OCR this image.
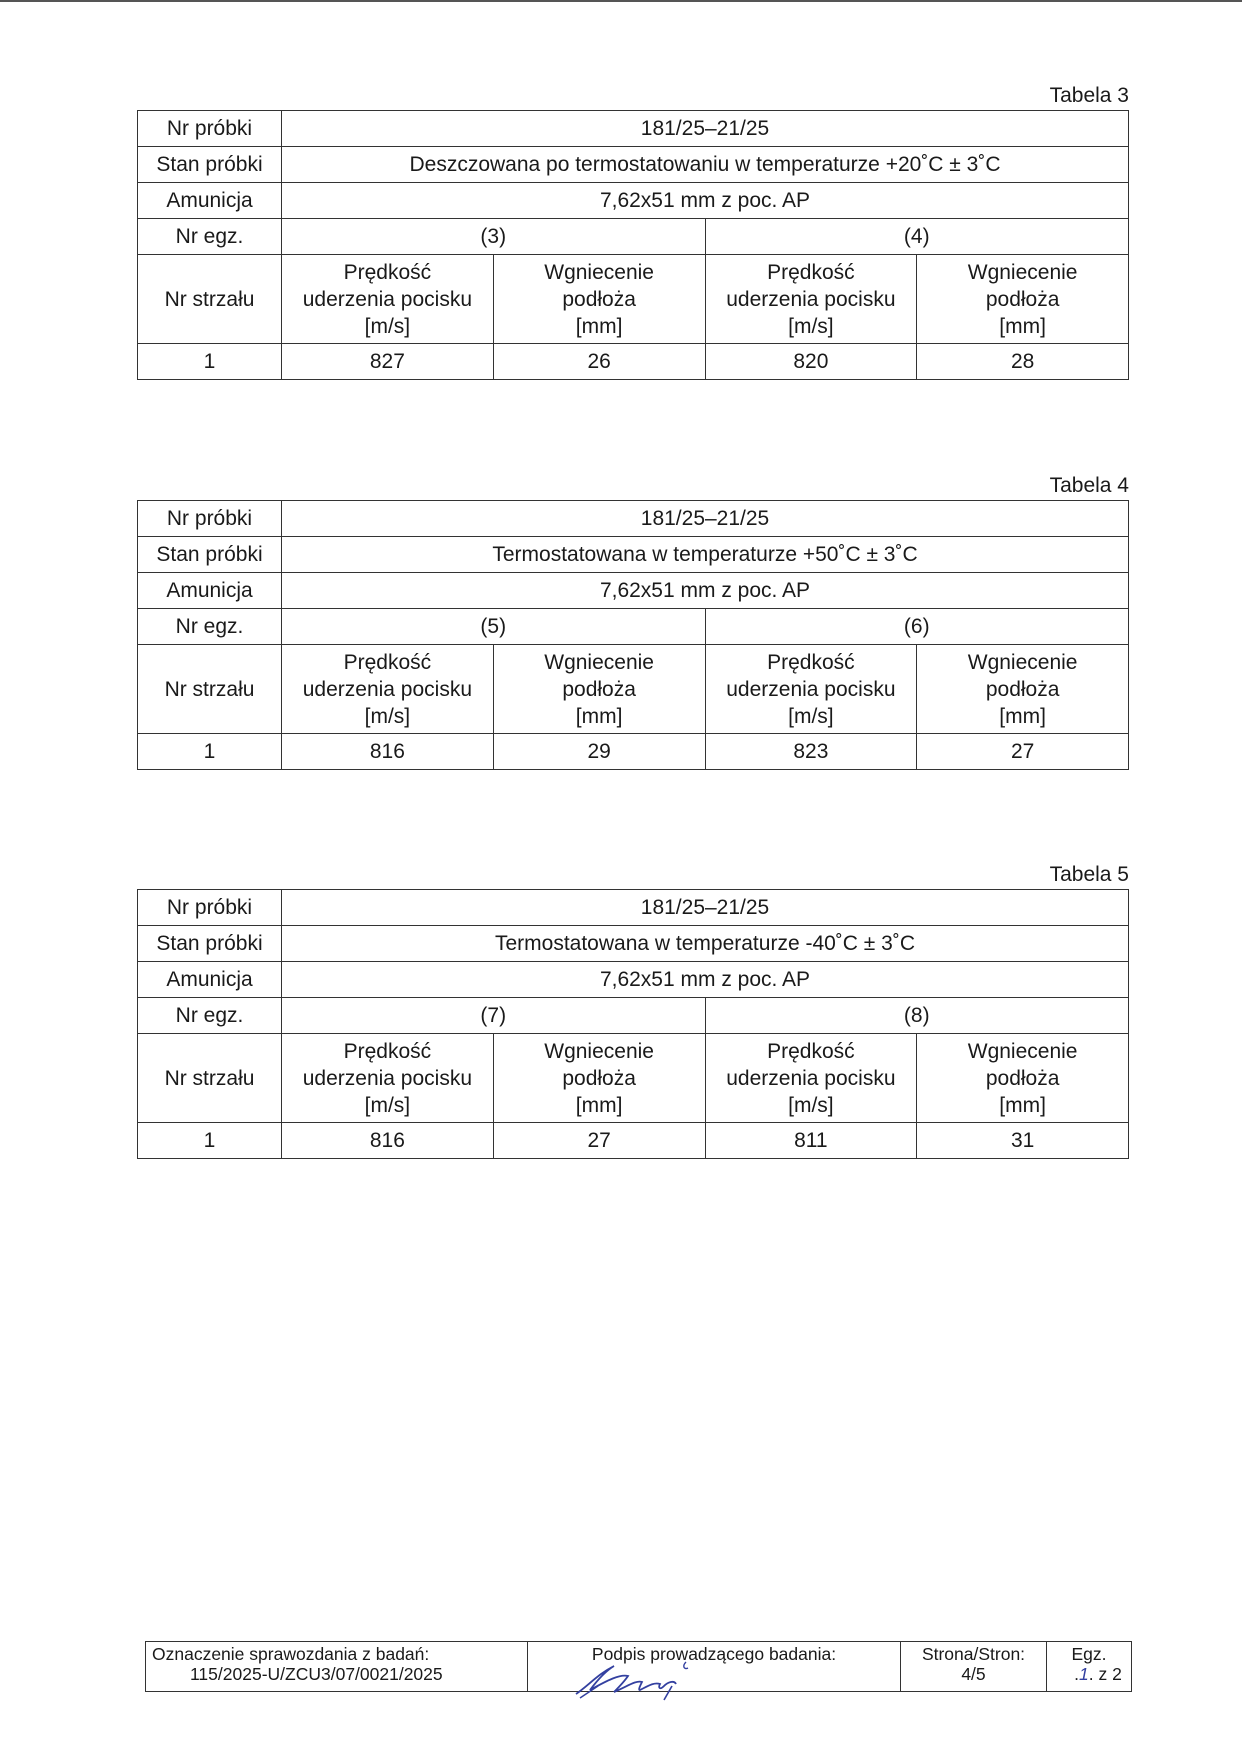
Tabela 3
Nr próbki	181/25–21/25			
Stan próbki	Deszczowana po termostatowaniu w temperaturze +20˚C ± 3˚C			
Amunicja	7,62x51 mm z poc. AP			
Nr egz.	(3)		(4)	
Nr strzału	Prędkość
uderzenia pocisku
[m/s]	Wgniecenie
podłoża
[mm]	Prędkość
uderzenia pocisku
[m/s]	Wgniecenie
podłoża
[mm]
1	827	26	820	28
Tabela 4
Nr próbki	181/25–21/25			
Stan próbki	Termostatowana w temperaturze +50˚C ± 3˚C			
Amunicja	7,62x51 mm z poc. AP			
Nr egz.	(5)		(6)	
Nr strzału	Prędkość
uderzenia pocisku
[m/s]	Wgniecenie
podłoża
[mm]	Prędkość
uderzenia pocisku
[m/s]	Wgniecenie
podłoża
[mm]
1	816	29	823	27
Tabela 5
Nr próbki	181/25–21/25			
Stan próbki	Termostatowana w temperaturze -40˚C ± 3˚C			
Amunicja	7,62x51 mm z poc. AP			
Nr egz.	(7)		(8)	
Nr strzału	Prędkość
uderzenia pocisku
[m/s]	Wgniecenie
podłoża
[mm]	Prędkość
uderzenia pocisku
[m/s]	Wgniecenie
podłoża
[mm]
1	816	27	811	31
Oznaczenie sprawozdania z badań:
115/2025-U/ZCU3/07/0021/2025

Podpis prowadzącego badania:	Strona/Stron:
4/5

Egz.
.1. z 2
